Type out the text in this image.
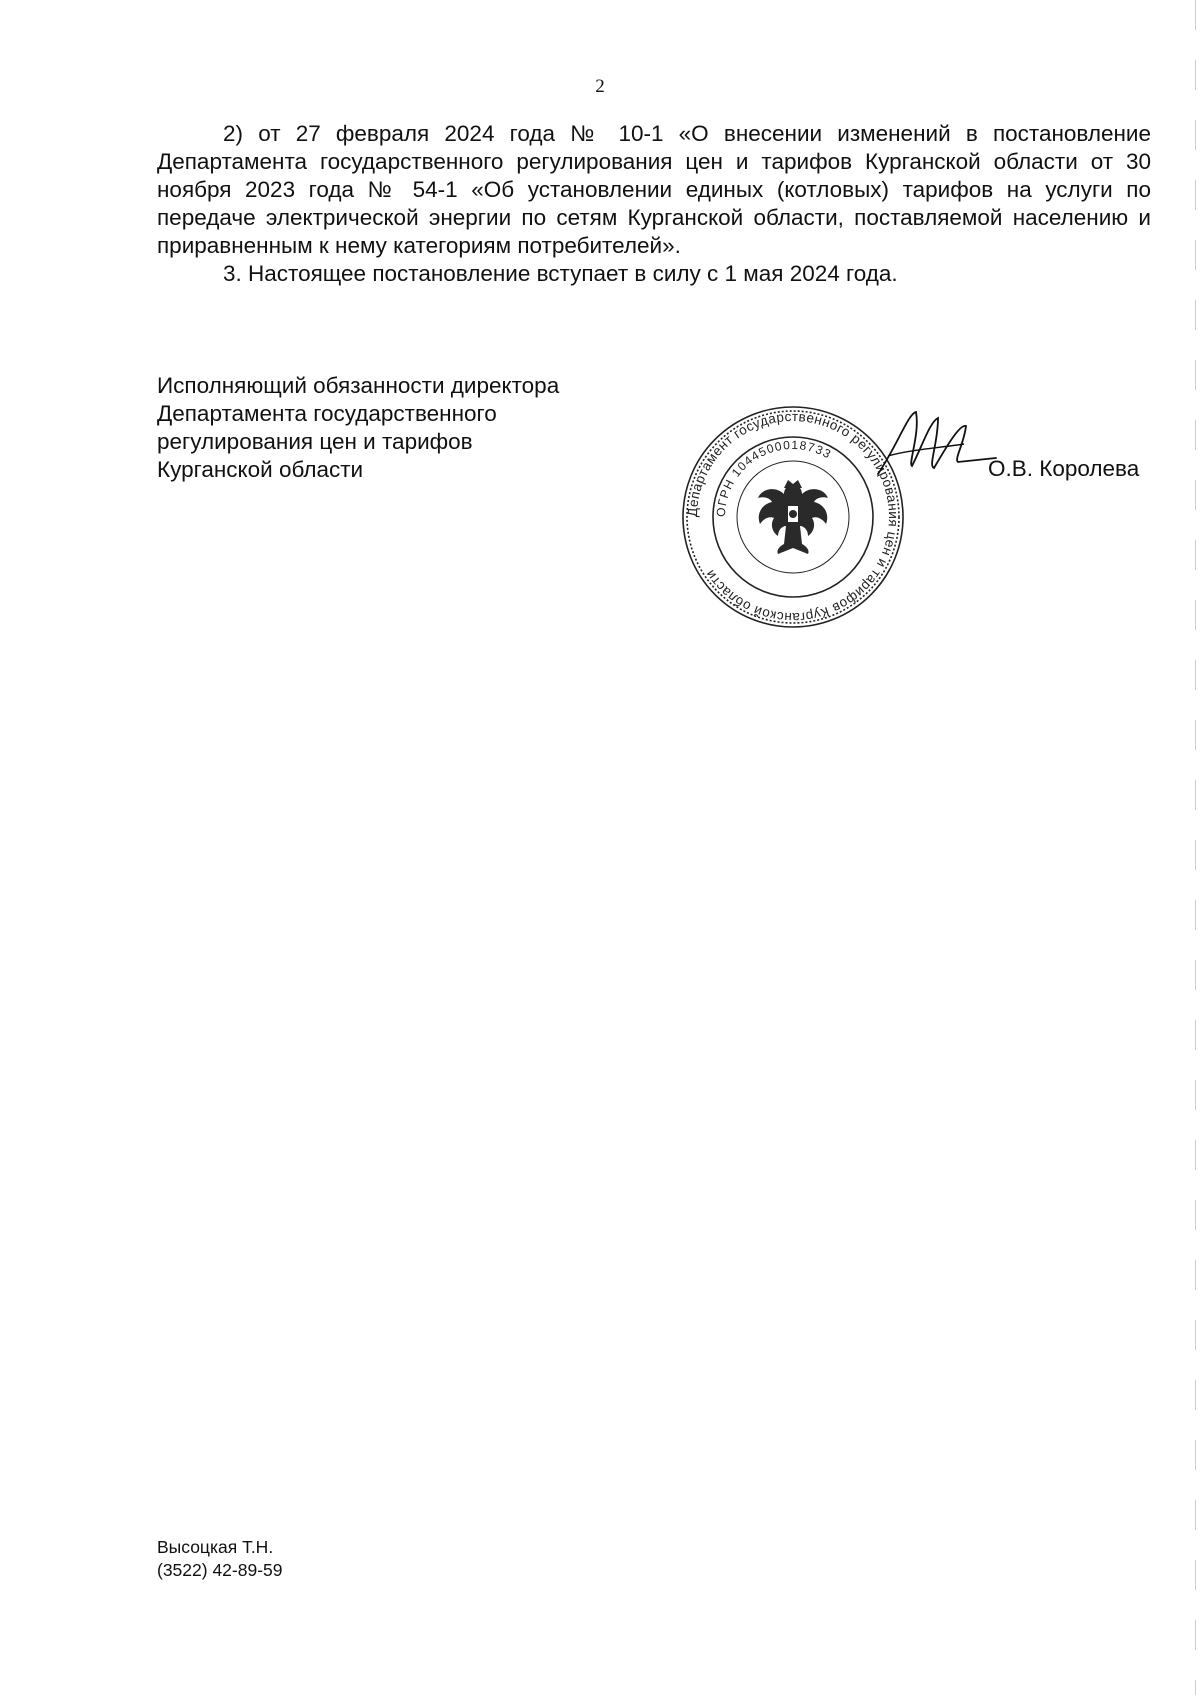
2

2) от 27 февраля 2024 года № 10-1 «О внесении изменений в постановление Департамента государственного регулирования цен и тарифов Курганской области от 30 ноября 2023 года № 54-1 «Об установлении единых (котловых) тарифов на услуги по передаче электрической энергии по сетям Курганской области, поставляемой населению и приравненным к нему категориям потребителей».

3. Настоящее постановление вступает в силу с 1 мая 2024 года.

Исполняющий обязанности директора
Департамента государственного
регулирования цен и тарифов
Курганской области
Департамент государственного регулирования цен и тарифов Курганской области
ОГРН 1044500018733
О.В. Королева
Высоцкая Т.Н.
(3522) 42-89-59
